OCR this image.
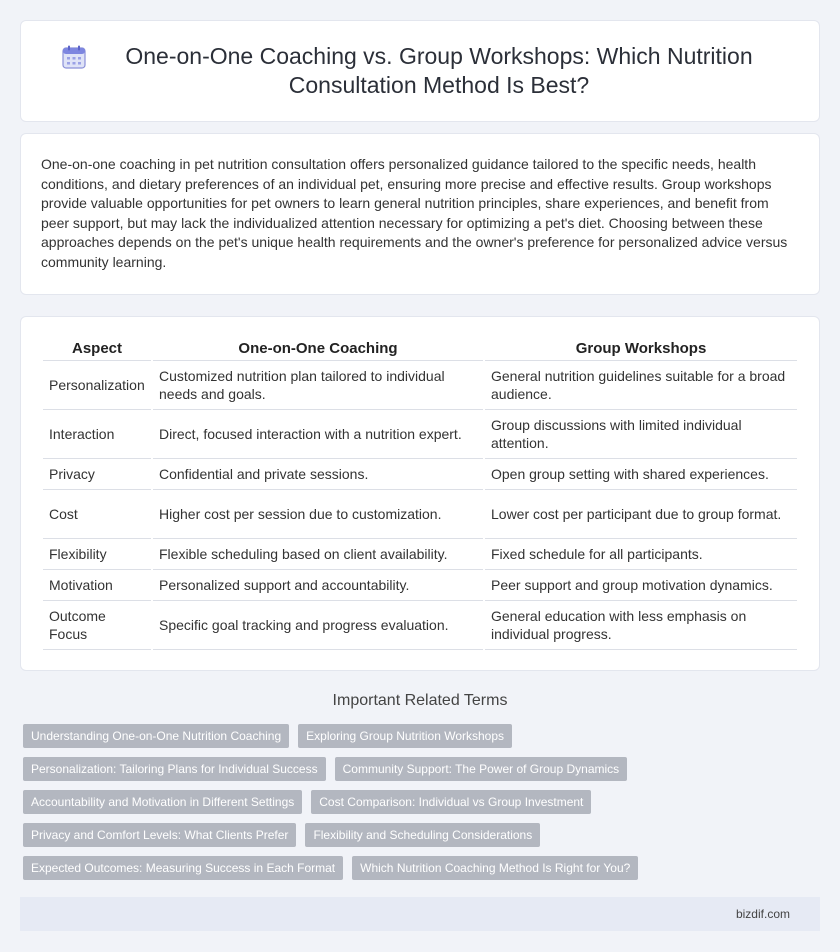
One-on-One Coaching vs. Group Workshops: Which Nutrition Consultation Method Is Best?

One-on-one coaching in pet nutrition consultation offers personalized guidance tailored to the specific needs, health conditions, and dietary preferences of an individual pet, ensuring more precise and effective results. Group workshops provide valuable opportunities for pet owners to learn general nutrition principles, share experiences, and benefit from peer support, but may lack the individualized attention necessary for optimizing a pet's diet. Choosing between these approaches depends on the pet's unique health requirements and the owner's preference for personalized advice versus community learning.

Aspect	One-on-One Coaching	Group Workshops
Personalization	Customized nutrition plan tailored to individual needs and goals.	General nutrition guidelines suitable for a broad audience.
Interaction	Direct, focused interaction with a nutrition expert.	Group discussions with limited individual attention.
Privacy	Confidential and private sessions.	Open group setting with shared experiences.
Cost	Higher cost per session due to customization.	Lower cost per participant due to group format.
Flexibility	Flexible scheduling based on client availability.	Fixed schedule for all participants.
Motivation	Personalized support and accountability.	Peer support and group motivation dynamics.
Outcome Focus	Specific goal tracking and progress evaluation.	General education with less emphasis on individual progress.
Important Related Terms
Understanding One-on-One Nutrition Coaching	Exploring Group Nutrition Workshops
Personalization: Tailoring Plans for Individual Success	Community Support: The Power of Group Dynamics
Accountability and Motivation in Different Settings	Cost Comparison: Individual vs Group Investment
Privacy and Comfort Levels: What Clients Prefer	Flexibility and Scheduling Considerations
Expected Outcomes: Measuring Success in Each Format	Which Nutrition Coaching Method Is Right for You?
bizdif.com
